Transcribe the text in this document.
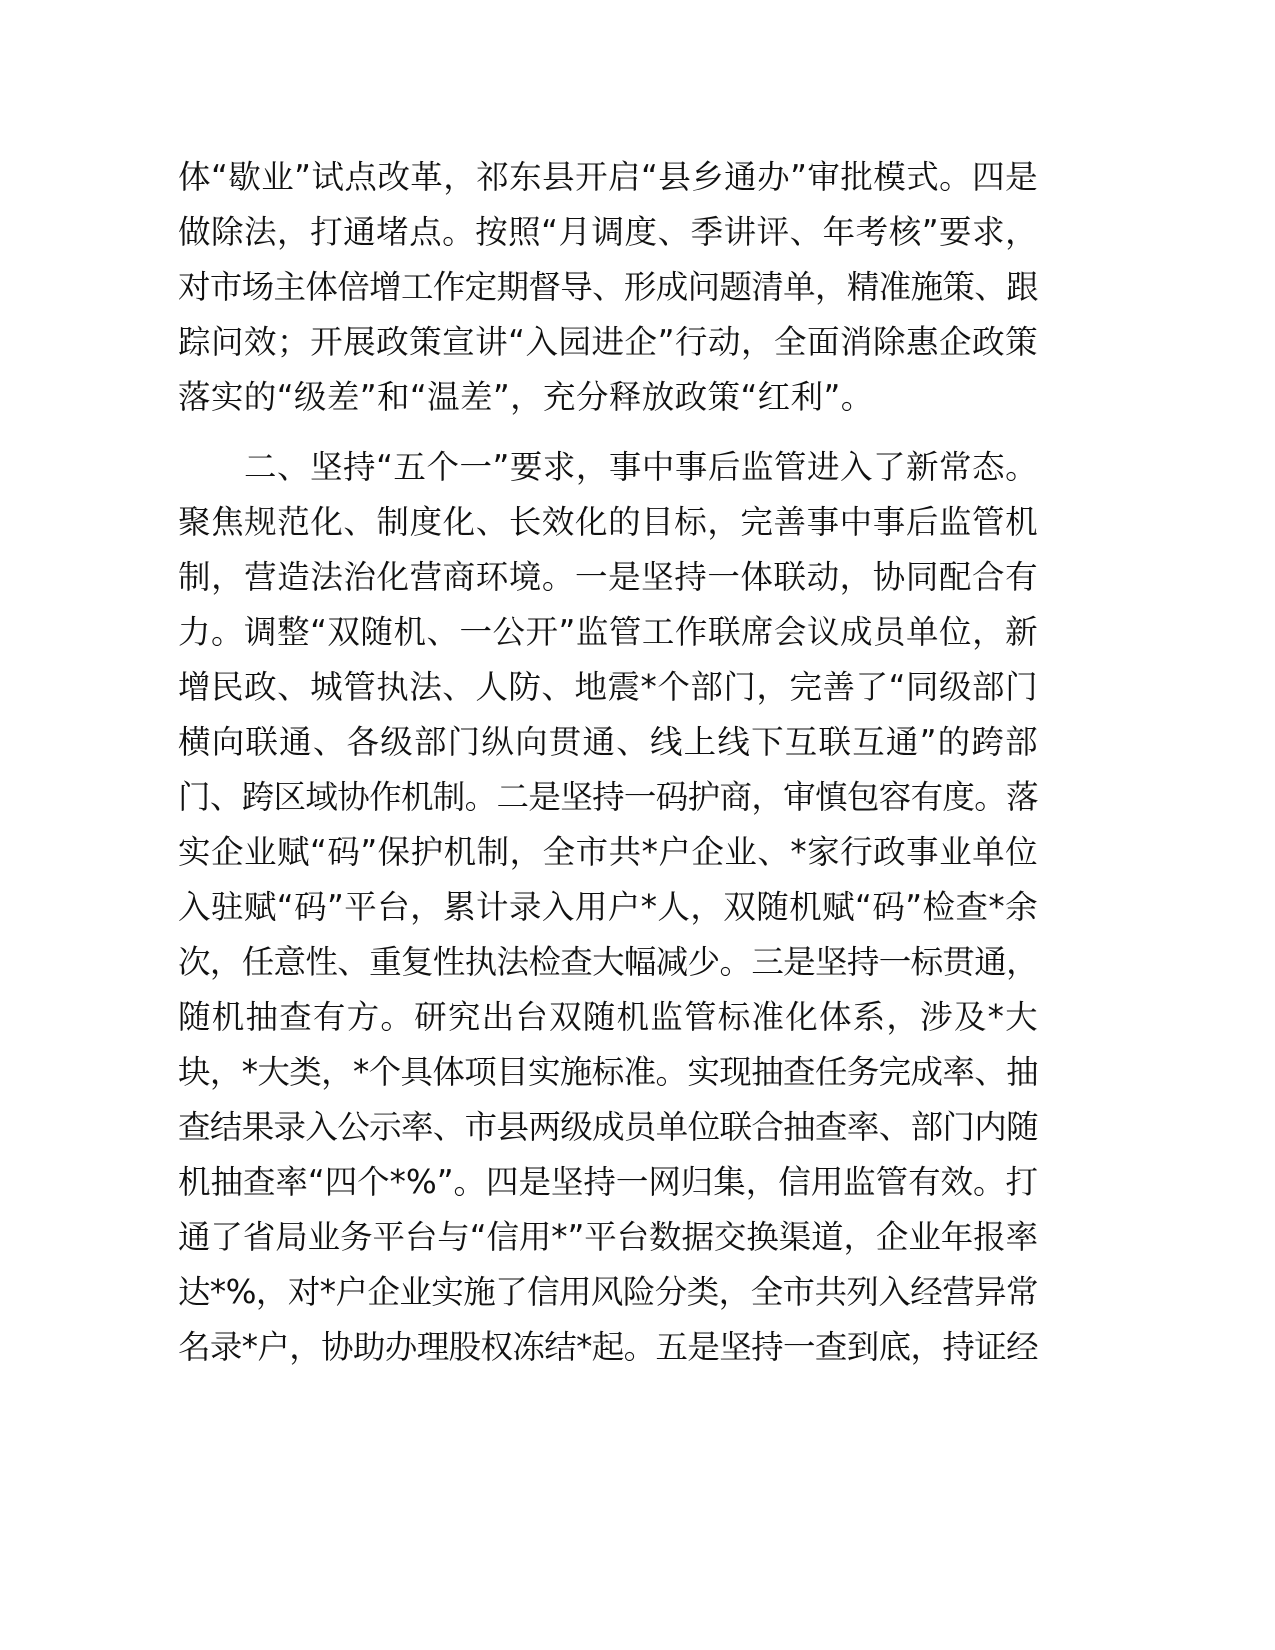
体“歇业”试点改革，祁东县开启“县乡通办”审批模式。四是
做除法，打通堵点。按照“月调度、季讲评、年考核”要求，
对市场主体倍增工作定期督导、形成问题清单，精准施策、跟
踪问效；开展政策宣讲“入园进企”行动，全面消除惠企政策
落实的“级差”和“温差”，充分释放政策“红利”。
二、坚持“五个一”要求，事中事后监管进入了新常态。
聚焦规范化、制度化、长效化的目标，完善事中事后监管机
制，营造法治化营商环境。一是坚持一体联动，协同配合有
力。调整“双随机、一公开”监管工作联席会议成员单位，新
增民政、城管执法、人防、地震*个部门，完善了“同级部门
横向联通、各级部门纵向贯通、线上线下互联互通”的跨部
门、跨区域协作机制。二是坚持一码护商，审慎包容有度。落
实企业赋“码”保护机制，全市共*户企业、*家行政事业单位
入驻赋“码”平台，累计录入用户*人，双随机赋“码”检查*余
次，任意性、重复性执法检查大幅减少。三是坚持一标贯通，
随机抽查有方。研究出台双随机监管标准化体系，涉及*大
块，*大类，*个具体项目实施标准。实现抽查任务完成率、抽
查结果录入公示率、市县两级成员单位联合抽查率、部门内随
机抽查率“四个*%”。四是坚持一网归集，信用监管有效。打
通了省局业务平台与“信用*”平台数据交换渠道，企业年报率
达*%，对*户企业实施了信用风险分类，全市共列入经营异常
名录*户，协助办理股权冻结*起。五是坚持一查到底，持证经
